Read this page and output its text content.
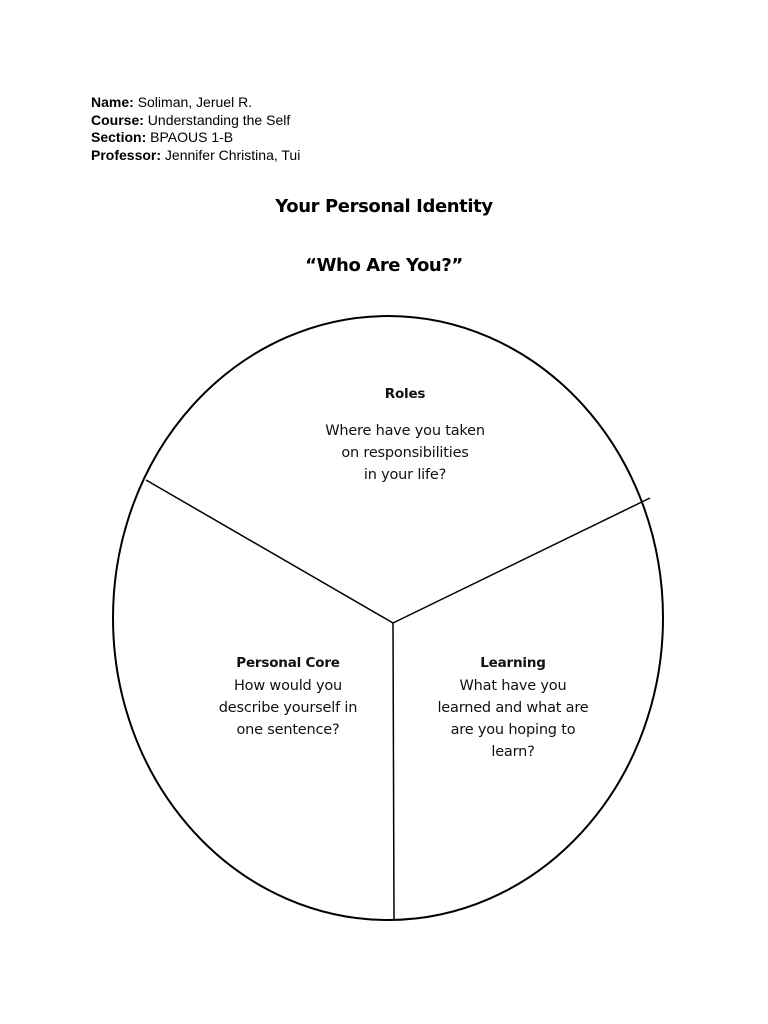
Name: Soliman, Jeruel R.
Course: Understanding the Self
Section: BPAOUS 1-B
Professor: Jennifer Christina, Tui
Your Personal Identity
“Who Are You?”
Roles
Where have you taken
on responsibilities
in your life?
Personal Core
How would you
describe yourself in
one sentence?
Learning
What have you
learned and what are
are you hoping to
learn?
